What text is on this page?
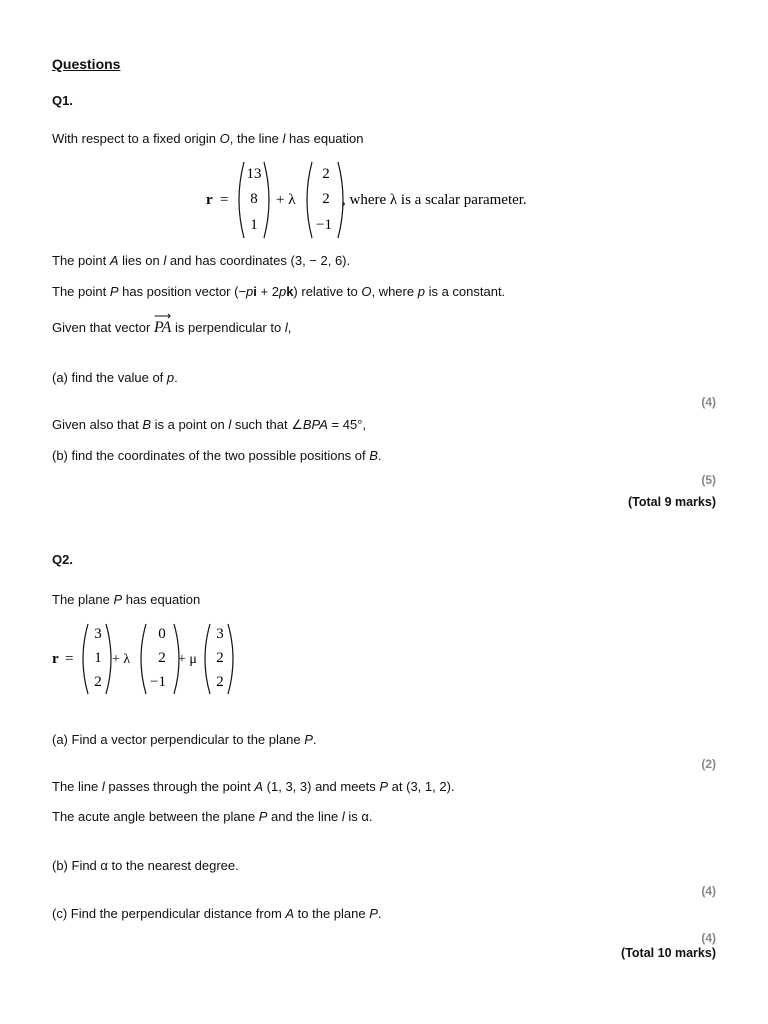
Questions
Q1.
With respect to a fixed origin O, the line l has equation
r =
13
8
1
+ λ
2
2
−1
, where λ is a scalar parameter.
The point A lies on l and has coordinates (3, − 2, 6).
The point P has position vector (−pi + 2pk) relative to O, where p is a constant.
Given that vector
⟶
PA is perpendicular to l,
(a) find the value of p.
(4)
Given also that B is a point on l such that ∠BPA = 45°,
(b) find the coordinates of the two possible positions of B.
(5)
(Total 9 marks)
Q2.
The plane P has equation
r =
3
1
2
+ λ
0
2
−1
+ μ
3
2
2
(a) Find a vector perpendicular to the plane P.
(2)
The line l passes through the point A (1, 3, 3) and meets P at (3, 1, 2).
The acute angle between the plane P and the line l is α.
(b) Find α to the nearest degree.
(4)
(c) Find the perpendicular distance from A to the plane P.
(4)
(Total 10 marks)
